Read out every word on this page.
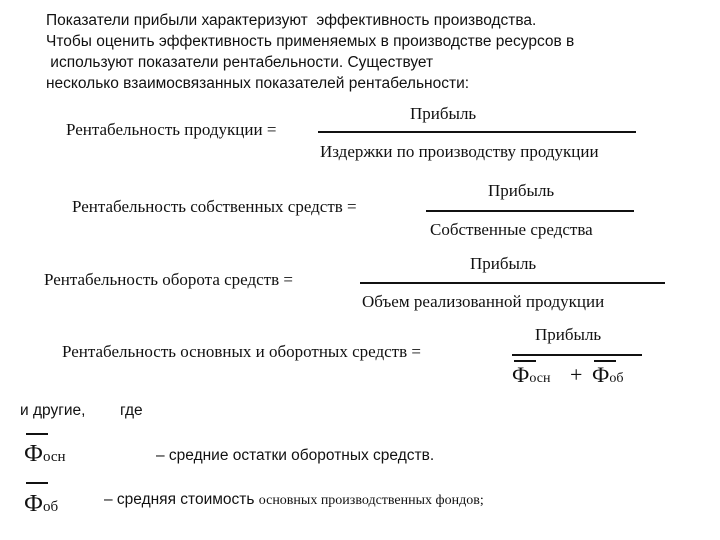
Показатели прибыли характеризуют  эффективность производства.
Чтобы оценить эффективность применяемых в производстве ресурсов в
используют показатели рентабельности. Существует
несколько взаимосвязанных показателей рентабельности:
Рентабельность продукции =
Прибыль
Издержки по производству продукции
Рентабельность собственных средств =
Прибыль
Собственные средства
Рентабельность оборота средств =
Прибыль
Объем реализованной продукции
Рентабельность основных и оборотных средств =
Прибыль
Фосн + Фоб
и другие, где
Фосн	– средние остатки оборотных средств.
Фоб	– средняя стоимость основных производственных фондов;
